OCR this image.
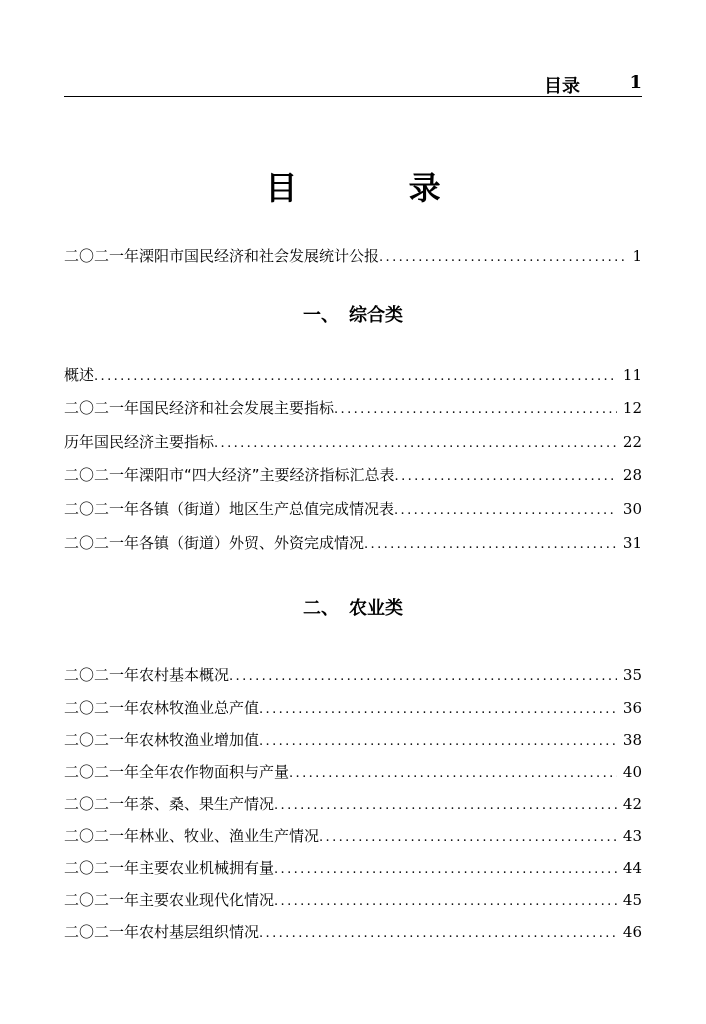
目录	1
目 录
二〇二一年溧阳市国民经济和社会发展统计公报 .....	1
一、 综合类
概述 .....	11
二〇二一年国民经济和社会发展主要指标 .....	12
历年国民经济主要指标 .....	22
二〇二一年溧阳市“四大经济”主要经济指标汇总表 .....	28
二〇二一年各镇（街道）地区生产总值完成情况表 .....	30
二〇二一年各镇（街道）外贸、外资完成情况 .....	31
二、 农业类
二〇二一年农村基本概况 .....	35
二〇二一年农林牧渔业总产值 .....	36
二〇二一年农林牧渔业增加值 .....	38
二〇二一年全年农作物面积与产量 .....	40
二〇二一年茶、桑、果生产情况 .....	42
二〇二一年林业、牧业、渔业生产情况 .....	43
二〇二一年主要农业机械拥有量 .....	44
二〇二一年主要农业现代化情况 .....	45
二〇二一年农村基层组织情况 .....	46
